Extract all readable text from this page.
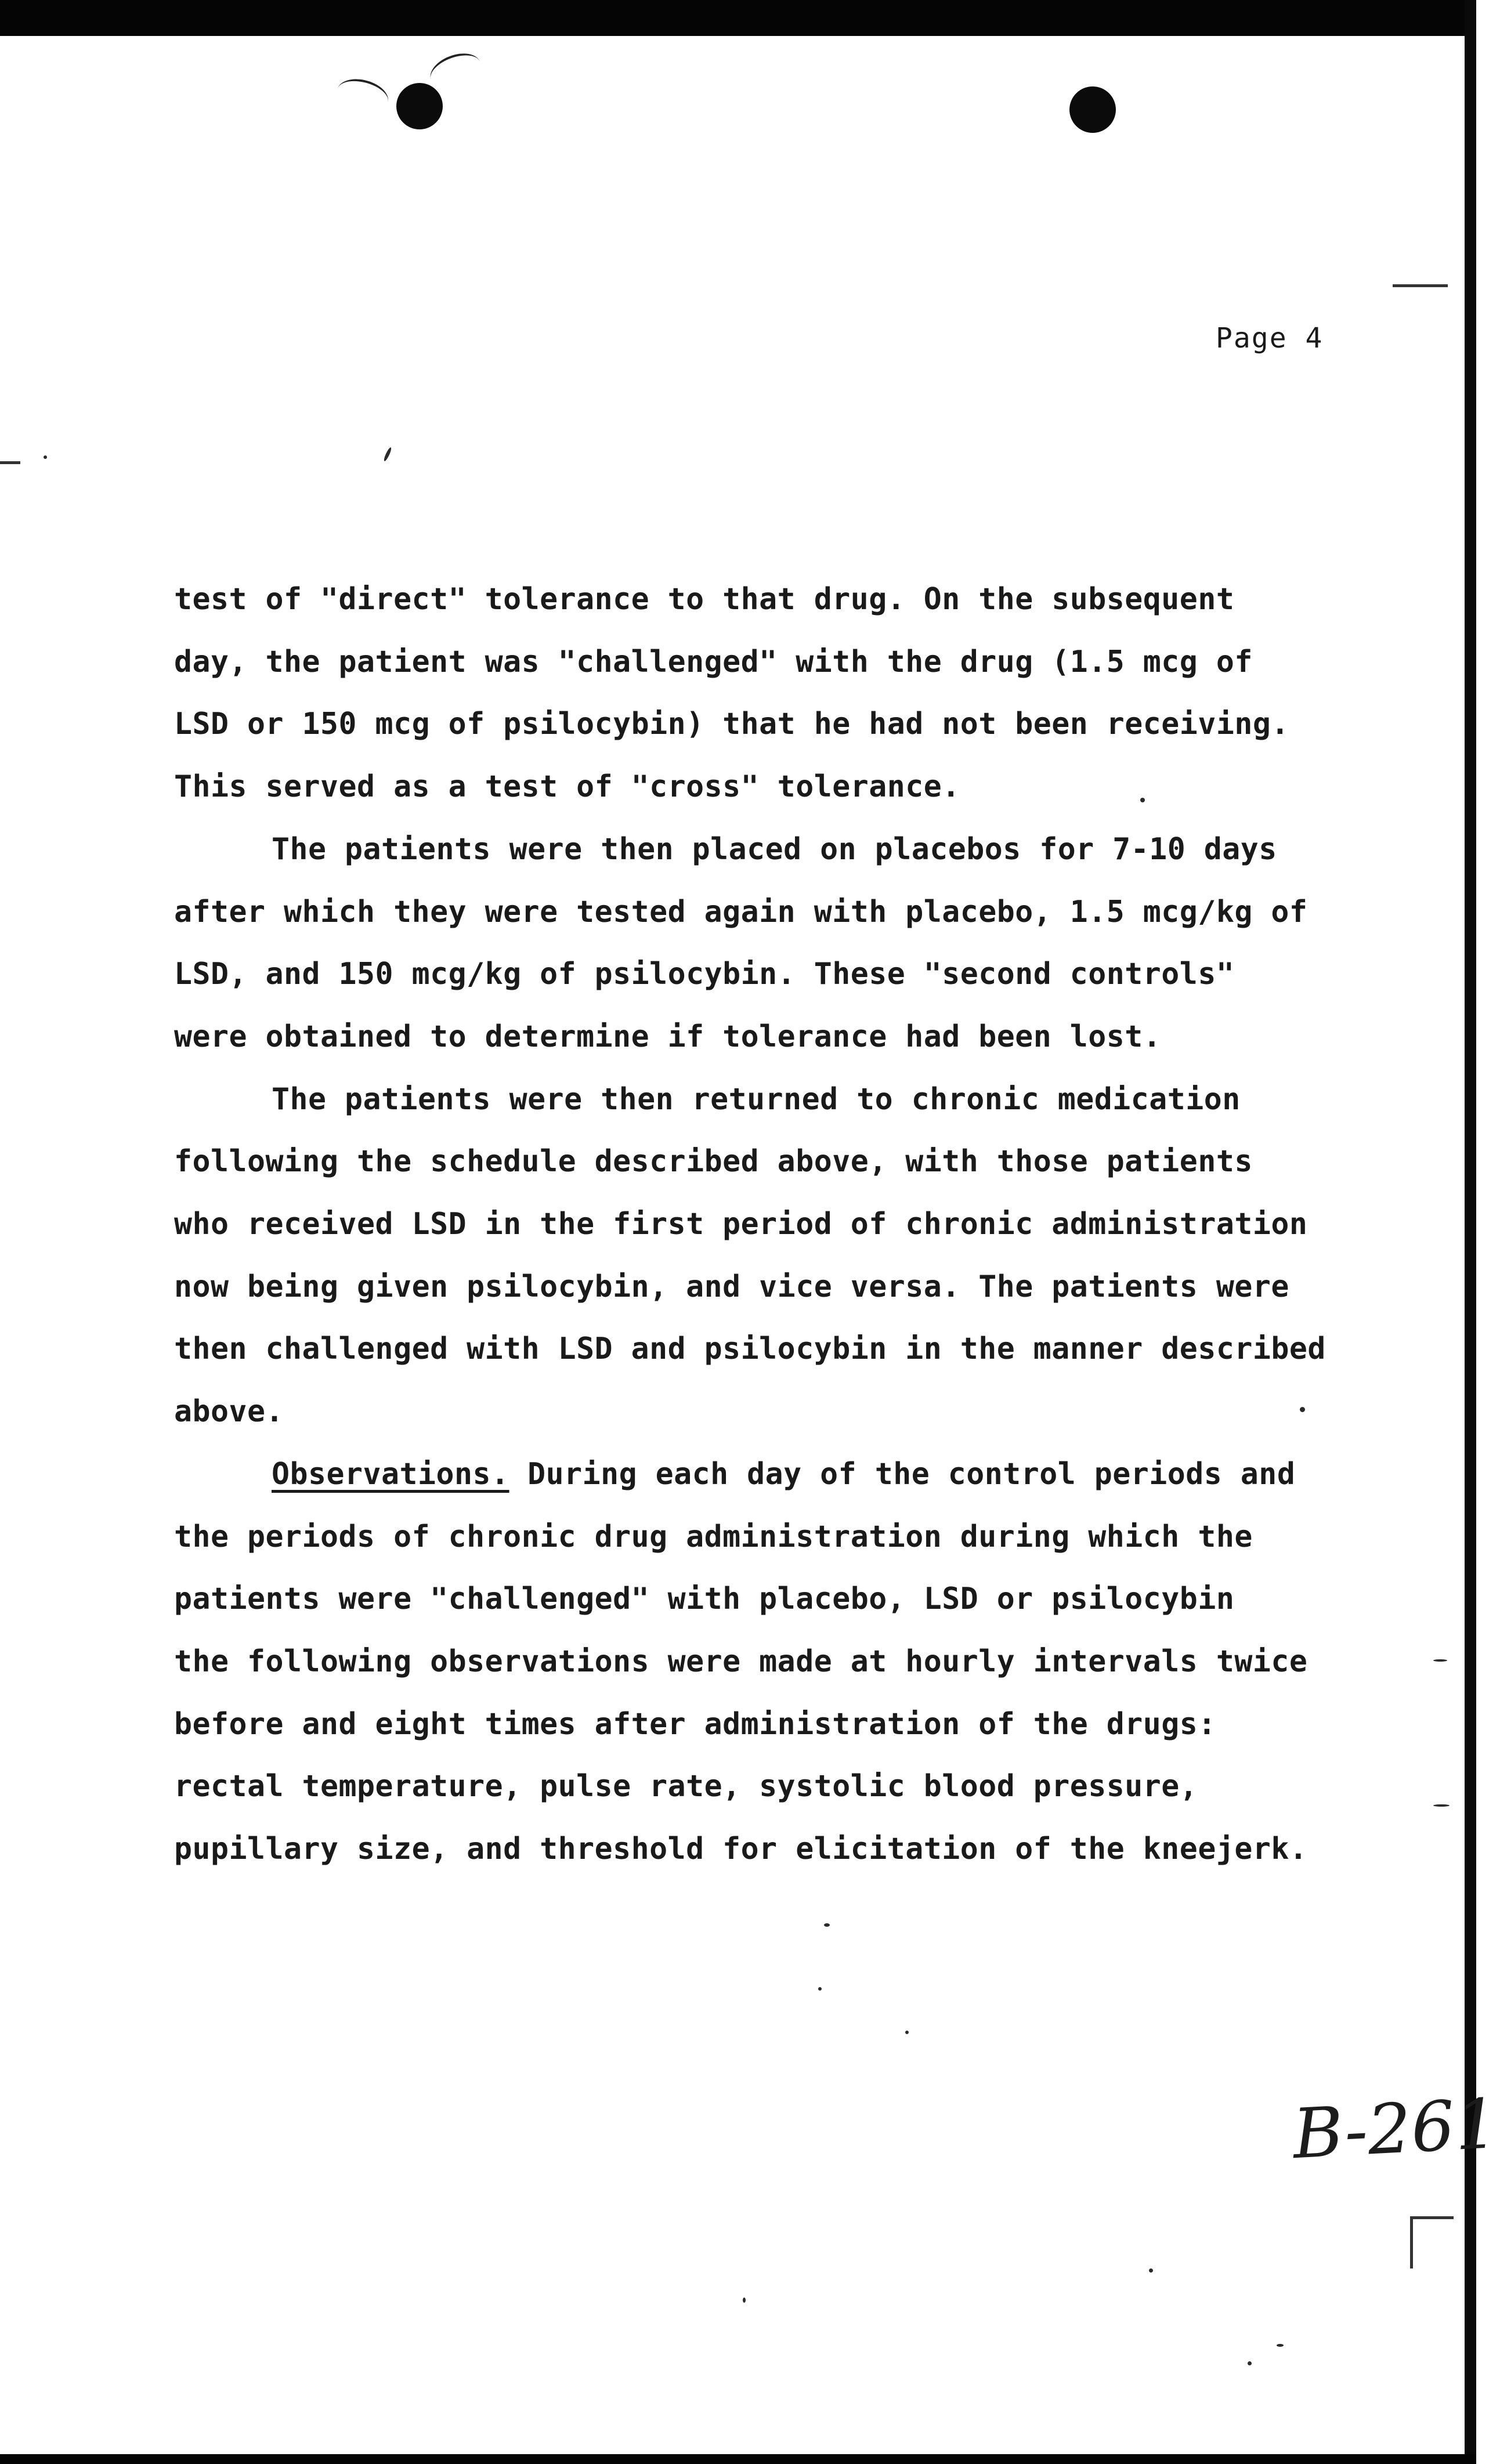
Page 4

test of "direct" tolerance to that drug. On the subsequent
day, the patient was "challenged" with the drug (1.5 mcg of
LSD or 150 mcg of psilocybin) that he had not been receiving.
This served as a test of "cross" tolerance.

The patients were then placed on placebos for 7-10 days
after which they were tested again with placebo, 1.5 mcg/kg of
LSD, and 150 mcg/kg of psilocybin. These "second controls"
were obtained to determine if tolerance had been lost.

The patients were then returned to chronic medication
following the schedule described above, with those patients
who received LSD in the first period of chronic administration
now being given psilocybin, and vice versa. The patients were
then challenged with LSD and psilocybin in the manner described
above.

Observations. During each day of the control periods and
the periods of chronic drug administration during which the
patients were "challenged" with placebo, LSD or psilocybin
the following observations were made at hourly intervals twice
before and eight times after administration of the drugs:
rectal temperature, pulse rate, systolic blood pressure,
pupillary size, and threshold for elicitation of the kneejerk.

B-261
